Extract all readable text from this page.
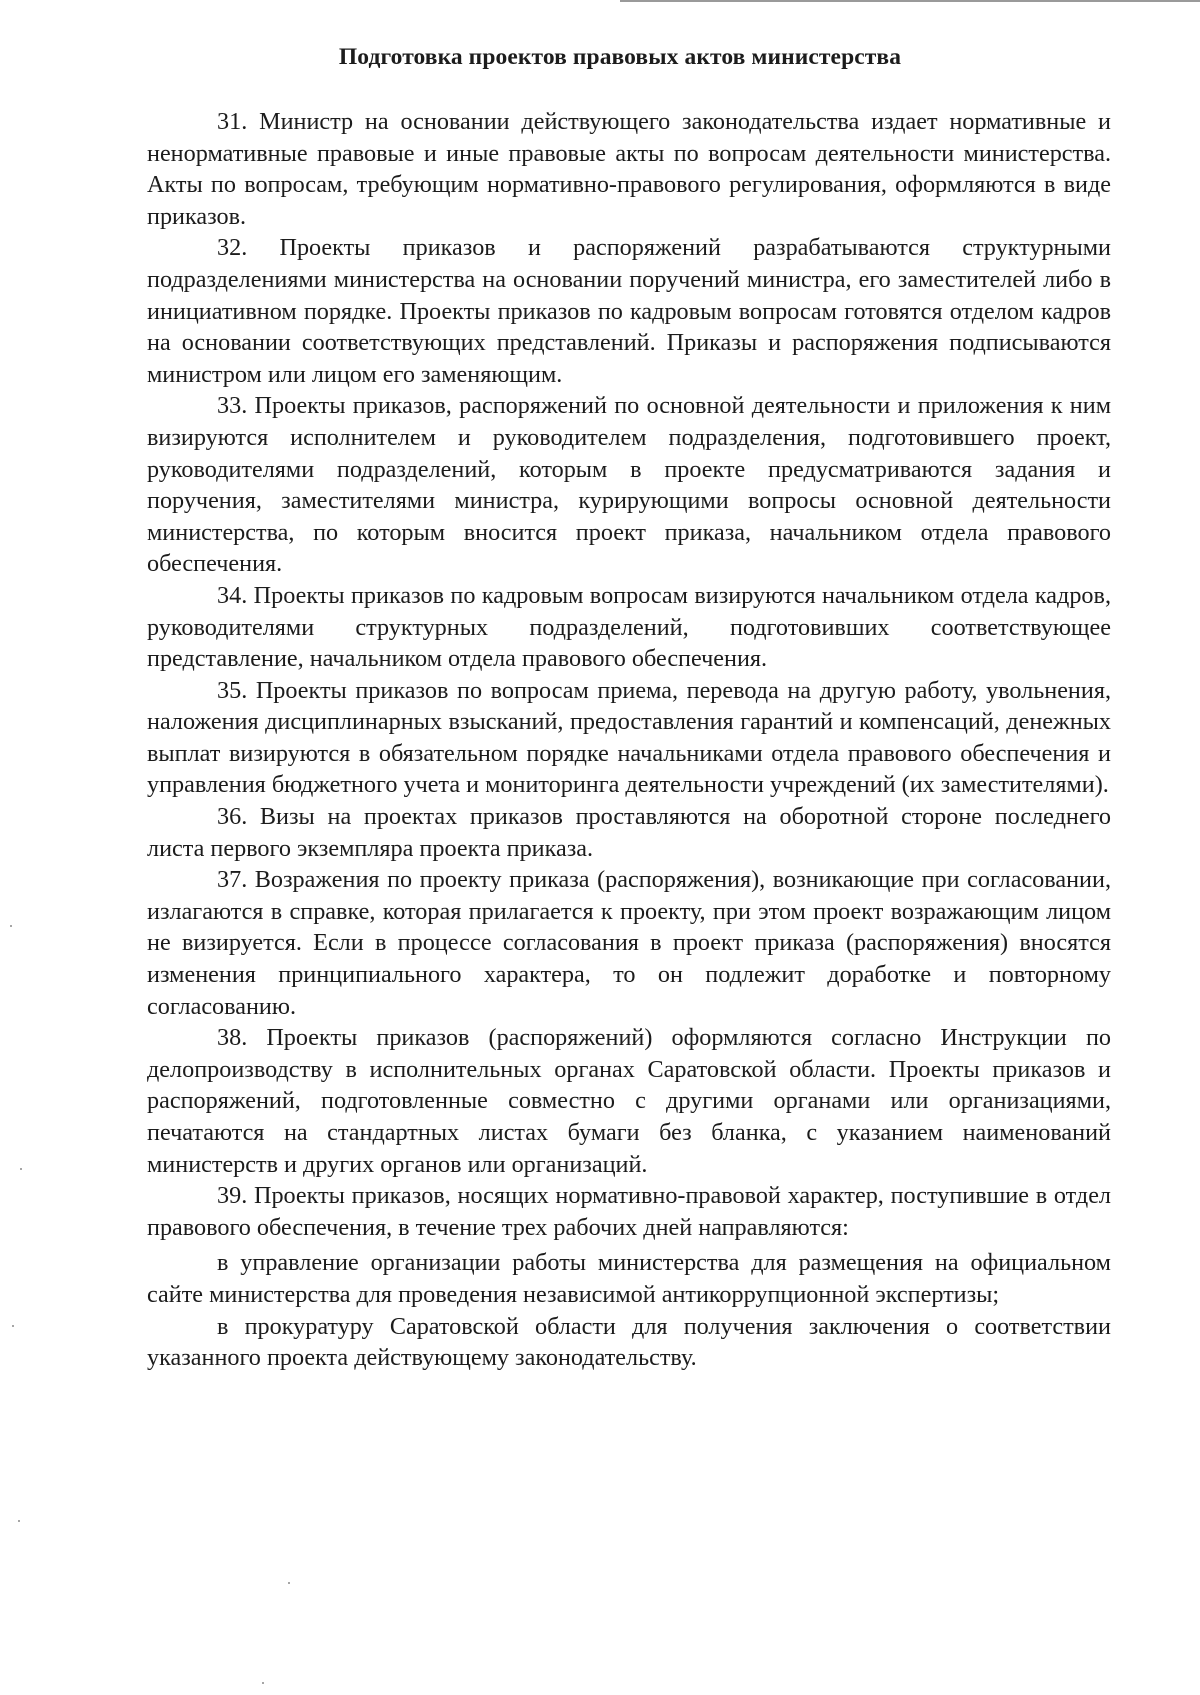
Подготовка проектов правовых актов министерства

31. Министр на основании действующего законодательства издает нормативные и ненормативные правовые и иные правовые акты по вопросам деятельности министерства. Акты по вопросам, требующим нормативно-правового регулирования, оформляются в виде приказов.

32. Проекты приказов и распоряжений разрабатываются структурными подразделениями министерства на основании поручений министра, его заместителей либо в инициативном порядке. Проекты приказов по кадровым вопросам готовятся отделом кадров на основании соответствующих представлений. Приказы и распоряжения подписываются министром или лицом его заменяющим.

33. Проекты приказов, распоряжений по основной деятельности и приложения к ним визируются исполнителем и руководителем подразделения, подготовившего проект, руководителями подразделений, которым в проекте предусматриваются задания и поручения, заместителями министра, курирующими вопросы основной деятельности министерства, по которым вносится проект приказа, начальником отдела правового обеспечения.

34. Проекты приказов по кадровым вопросам визируются начальником отдела кадров, руководителями структурных подразделений, подготовивших соответствующее представление, начальником отдела правового обеспечения.

35. Проекты приказов по вопросам приема, перевода на другую работу, увольнения, наложения дисциплинарных взысканий, предоставления гарантий и компенсаций, денежных выплат визируются в обязательном порядке начальниками отдела правового обеспечения и управления бюджетного учета и мониторинга деятельности учреждений (их заместителями).

36. Визы на проектах приказов проставляются на оборотной стороне последнего листа первого экземпляра проекта приказа.

37. Возражения по проекту приказа (распоряжения), возникающие при согласовании, излагаются в справке, которая прилагается к проекту, при этом проект возражающим лицом не визируется. Если в процессе согласования в проект приказа (распоряжения) вносятся изменения принципиального характера, то он подлежит доработке и повторному согласованию.

38. Проекты приказов (распоряжений) оформляются согласно Инструкции по делопроизводству в исполнительных органах Саратовской области. Проекты приказов и распоряжений, подготовленные совместно с другими органами или организациями, печатаются на стандартных листах бумаги без бланка, с указанием наименований министерств и других органов или организаций.

39. Проекты приказов, носящих нормативно-правовой характер, поступившие в отдел правового обеспечения, в течение трех рабочих дней направляются:

в управление организации работы министерства для размещения на официальном сайте министерства для проведения независимой антикоррупционной экспертизы;

в прокуратуру Саратовской области для получения заключения о соответствии указанного проекта действующему законодательству.
